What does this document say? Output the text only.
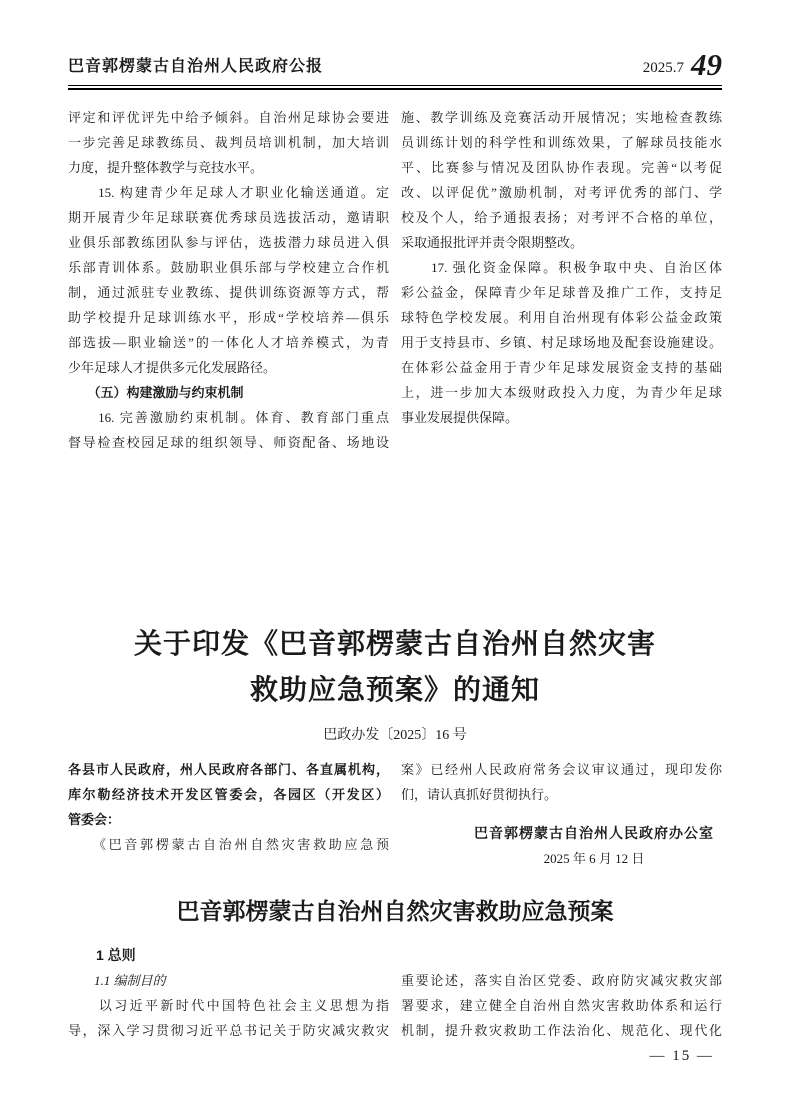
巴音郭楞蒙古自治州人民政府公报	2025.7 49
评定和评优评先中给予倾斜。自治州足球协会要进
一步完善足球教练员、裁判员培训机制，加大培训
力度，提升整体教学与竞技水平。
　　15. 构建青少年足球人才职业化输送通道。定
期开展青少年足球联赛优秀球员选拔活动，邀请职
业俱乐部教练团队参与评估，选拔潜力球员进入俱
乐部青训体系。鼓励职业俱乐部与学校建立合作机
制，通过派驻专业教练、提供训练资源等方式，帮
助学校提升足球训练水平，形成“学校培养—俱乐
部选拔—职业输送”的一体化人才培养模式，为青
少年足球人才提供多元化发展路径。
　　（五）构建激励与约束机制
　　16. 完善激励约束机制。体育、教育部门重点
督导检查校园足球的组织领导、师资配备、场地设
施、教学训练及竞赛活动开展情况；实地检查教练
员训练计划的科学性和训练效果，了解球员技能水
平、比赛参与情况及团队协作表现。完善“以考促
改、以评促优”激励机制，对考评优秀的部门、学
校及个人，给予通报表扬；对考评不合格的单位，
采取通报批评并责令限期整改。
　　17. 强化资金保障。积极争取中央、自治区体
彩公益金，保障青少年足球普及推广工作，支持足
球特色学校发展。利用自治州现有体彩公益金政策
用于支持县市、乡镇、村足球场地及配套设施建设。
在体彩公益金用于青少年足球发展资金支持的基础
上，进一步加大本级财政投入力度，为青少年足球
事业发展提供保障。
关于印发《巴音郭楞蒙古自治州自然灾害
救助应急预案》的通知
巴政办发〔2025〕16 号
各县市人民政府，州人民政府各部门、各直属机构，
库尔勒经济技术开发区管委会，各园区（开发区）
管委会：
　　《巴音郭楞蒙古自治州自然灾害救助应急预
案》已经州人民政府常务会议审议通过，现印发你
们，请认真抓好贯彻执行。
巴音郭楞蒙古自治州人民政府办公室
2025 年 6 月 12 日
巴音郭楞蒙古自治州自然灾害救助应急预案
1 总则
1.1 编制目的
　　以习近平新时代中国特色社会主义思想为指
导，深入学习贯彻习近平总书记关于防灾减灾救灾
重要论述，落实自治区党委、政府防灾减灾救灾部
署要求，建立健全自治州自然灾害救助体系和运行
机制，提升救灾救助工作法治化、规范化、现代化
— 15 —
